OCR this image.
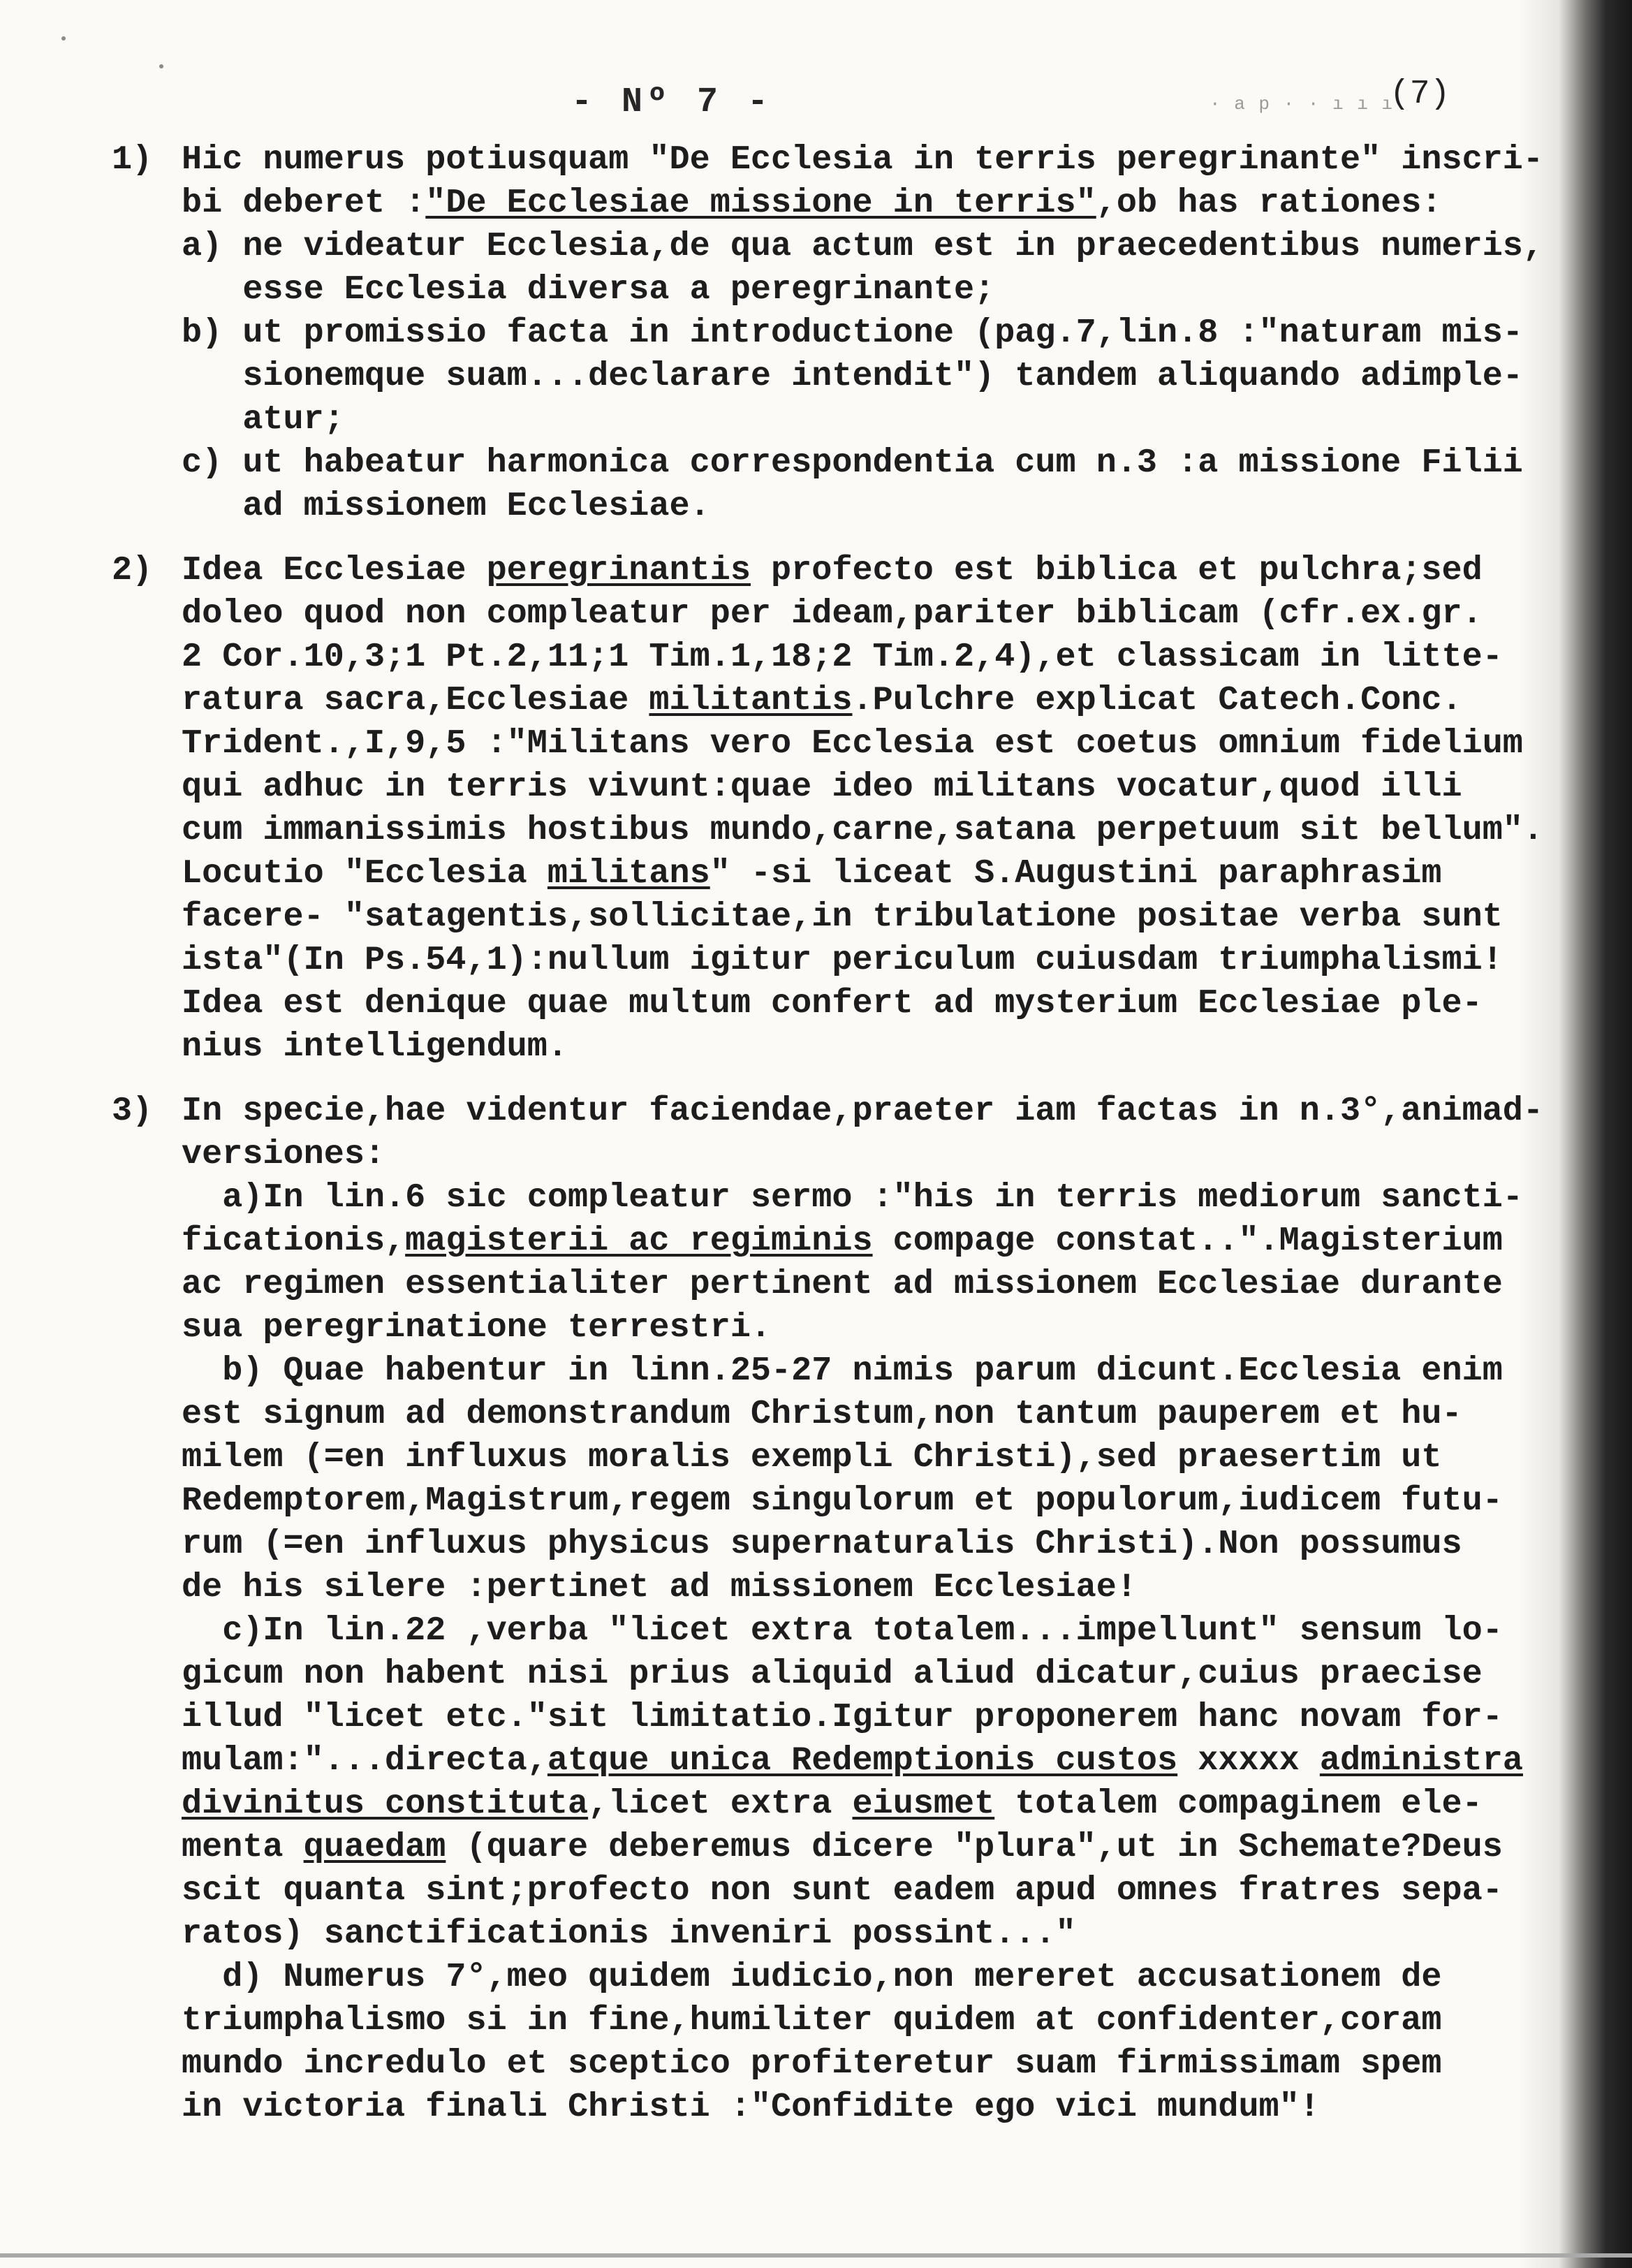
- Nº 7 -	· a p · · ı ı ı
(7)
1) Hic numerus potiusquam "De Ecclesia in terris peregrinante" inscri-
bi deberet :"De Ecclesiae missione in terris",ob has rationes:
a) ne videatur Ecclesia,de qua actum est in praecedentibus numeris,
esse Ecclesia diversa a peregrinante;
b) ut promissio facta in introductione (pag.7,lin.8 :"naturam mis-
sionemque suam...declarare intendit") tandem aliquando adimple-
atur;
c) ut habeatur harmonica correspondentia cum n.3 :a missione Filii
ad missionem Ecclesiae.
2) Idea Ecclesiae peregrinantis profecto est biblica et pulchra;sed
doleo quod non compleatur per ideam,pariter biblicam (cfr.ex.gr.
2 Cor.10,3;1 Pt.2,11;1 Tim.1,18;2 Tim.2,4),et classicam in litte-
ratura sacra,Ecclesiae militantis.Pulchre explicat Catech.Conc.
Trident.,I,9,5 :"Militans vero Ecclesia est coetus omnium fidelium
qui adhuc in terris vivunt:quae ideo militans vocatur,quod illi
cum immanissimis hostibus mundo,carne,satana perpetuum sit bellum".
Locutio "Ecclesia militans" -si liceat S.Augustini paraphrasim
facere- "satagentis,sollicitae,in tribulatione positae verba sunt
ista"(In Ps.54,1):nullum igitur periculum cuiusdam triumphalismi!
Idea est denique quae multum confert ad mysterium Ecclesiae ple-
nius intelligendum.
3) In specie,hae videntur faciendae,praeter iam factas in n.3°,animad-
versiones:
a)In lin.6 sic compleatur sermo :"his in terris mediorum sancti-
ficationis,magisterii ac regiminis compage constat..".Magisterium
ac regimen essentialiter pertinent ad missionem Ecclesiae durante
sua peregrinatione terrestri.
b) Quae habentur in linn.25-27 nimis parum dicunt.Ecclesia enim
est signum ad demonstrandum Christum,non tantum pauperem et hu-
milem (=en influxus moralis exempli Christi),sed praesertim ut
Redemptorem,Magistrum,regem singulorum et populorum,iudicem futu-
rum (=en influxus physicus supernaturalis Christi).Non possumus
de his silere :pertinet ad missionem Ecclesiae!
c)In lin.22 ,verba "licet extra totalem...impellunt" sensum lo-
gicum non habent nisi prius aliquid aliud dicatur,cuius praecise
illud "licet etc."sit limitatio.Igitur proponerem hanc novam for-
mulam:"...directa,atque unica Redemptionis custos xxxxx administra
divinitus constituta,licet extra eiusmet totalem compaginem ele-
menta quaedam (quare deberemus dicere "plura",ut in Schemate?Deus
scit quanta sint;profecto non sunt eadem apud omnes fratres sepa-
ratos) sanctificationis inveniri possint..."
d) Numerus 7°,meo quidem iudicio,non mereret accusationem de
triumphalismo si in fine,humiliter quidem at confidenter,coram
mundo incredulo et sceptico profiteretur suam firmissimam spem
in victoria finali Christi :"Confidite ego vici mundum"!
